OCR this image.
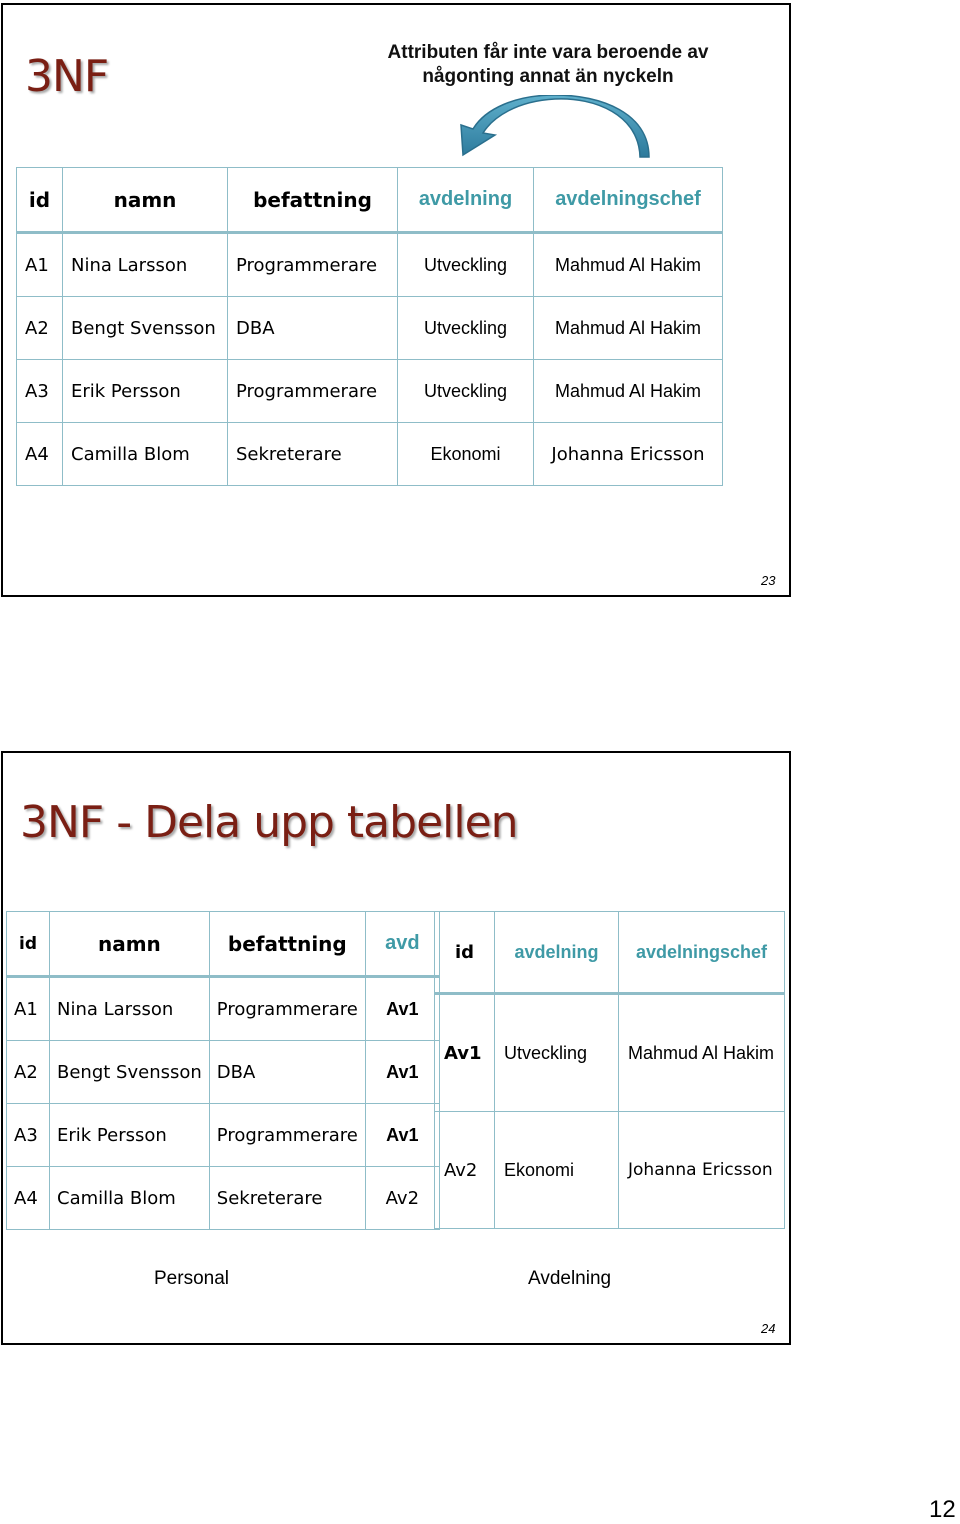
3NF	Attributen får inte vara beroende av
någonting annat än nyckeln
id	namn	befattning	avdelning	avdelningschef
A1	Nina Larsson	Programmerare	Utveckling	Mahmud Al Hakim
A2	Bengt Svensson	DBA	Utveckling	Mahmud Al Hakim
A3	Erik Persson	Programmerare	Utveckling	Mahmud Al Hakim
A4	Camilla Blom	Sekreterare	Ekonomi	Johanna Ericsson
23
3NF - Dela upp tabellen
24
id	namn	befattning	avd
A1	Nina Larsson	Programmerare	Av1
A2	Bengt Svensson	DBA	Av1
A3	Erik Persson	Programmerare	Av1
A4	Camilla Blom	Sekreterare	Av2
id	avdelning	avdelningschef
Av1	Utveckling	Mahmud Al Hakim
Av2	Ekonomi	Johanna Ericsson
Personal	Avdelning
12
